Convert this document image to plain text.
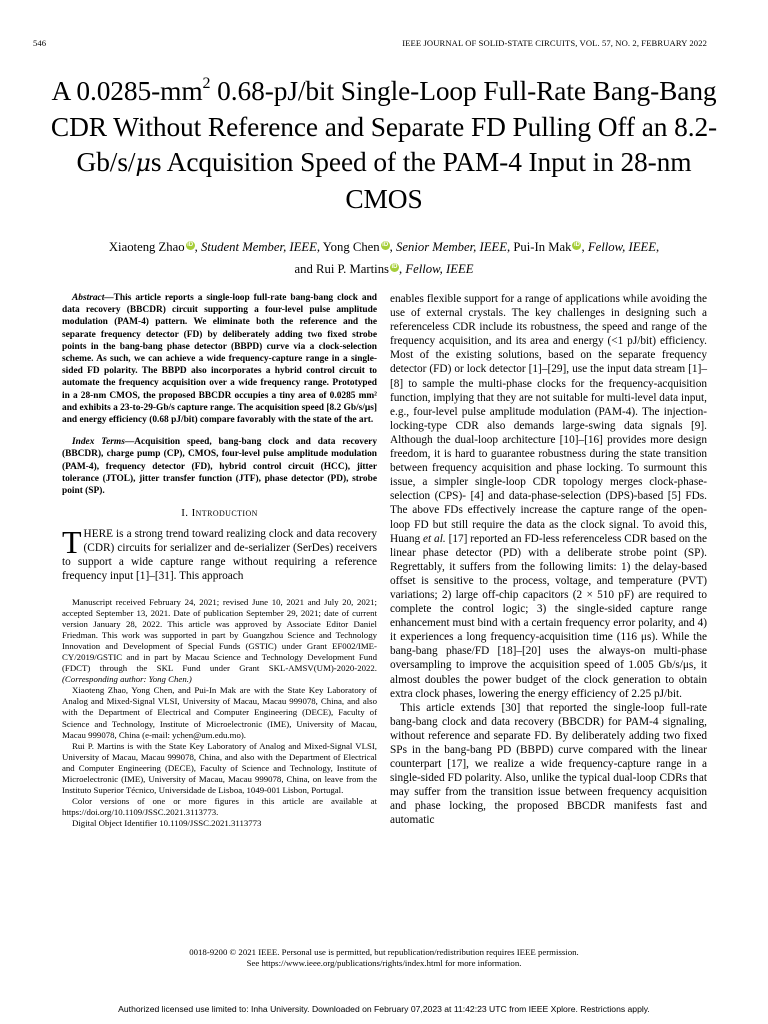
546	IEEE JOURNAL OF SOLID-STATE CIRCUITS, VOL. 57, NO. 2, FEBRUARY 2022
A $0.0285-mm^2$ 0.68-pJ/bit Single-Loop Full-Rate Bang-Bang CDR Without Reference and Separate FD Pulling Off an 8.2-Gb/s/μs Acquisition Speed of the PAM-4 Input in 28-nm CMOS
Xiaoteng Zhao iD , Student Member, IEEE, Yong Chen iD , Senior Member, IEEE, Pui-In Mak iD , Fellow, IEEE,
and Rui P. Martins iD , Fellow, IEEE

Abstract—This article reports a single-loop full-rate bang-bang clock and data recovery (BBCDR) circuit supporting a four-level pulse amplitude modulation (PAM-4) pattern. We eliminate both the reference and the separate frequency detector (FD) by deliberately adding two fixed strobe points in the bang-bang phase detector (BBPD) curve via a clock-selection scheme. As such, we can achieve a wide frequency-capture range in a single-sided FD polarity. The BBPD also incorporates a hybrid control circuit to automate the frequency acquisition over a wide frequency range. Prototyped in a 28-nm CMOS, the proposed BBCDR occupies a tiny area of 0.0285 mm² and exhibits a 23-to-29-Gb/s capture range. The acquisition speed [8.2 Gb/s/μs] and energy efficiency (0.68 pJ/bit) compare favorably with the state of the art.

Index Terms—Acquisition speed, bang-bang clock and data recovery (BBCDR), charge pump (CP), CMOS, four-level pulse amplitude modulation (PAM-4), frequency detector (FD), hybrid control circuit (HCC), jitter tolerance (JTOL), jitter transfer function (JTF), phase detector (PD), strobe point (SP).

I. Introduction

THERE is a strong trend toward realizing clock and data recovery (CDR) circuits for serializer and de-serializer (SerDes) receivers to support a wide capture range without requiring a reference frequency input [1]–[31]. This approach

Manuscript received February 24, 2021; revised June 10, 2021 and July 20, 2021; accepted September 13, 2021. Date of publication September 29, 2021; date of current version January 28, 2022. This article was approved by Associate Editor Daniel Friedman. This work was supported in part by Guangzhou Science and Technology Innovation and Development of Special Funds (GSTIC) under Grant EF002/IME-CY/2019/GSTIC and in part by Macau Science and Technology Development Fund (FDCT) through the SKL Fund under Grant SKL-AMSV(UM)-2020-2022. (Corresponding author: Yong Chen.)

Xiaoteng Zhao, Yong Chen, and Pui-In Mak are with the State Key Laboratory of Analog and Mixed-Signal VLSI, University of Macau, Macau 999078, China, and also with the Department of Electrical and Computer Engineering (DECE), Faculty of Science and Technology, Institute of Microelectronic (IME), University of Macau, Macau 999078, China (e-mail: ychen@um.edu.mo).

Rui P. Martins is with the State Key Laboratory of Analog and Mixed-Signal VLSI, University of Macau, Macau 999078, China, and also with the Department of Electrical and Computer Engineering (DECE), Faculty of Science and Technology, Institute of Microelectronic (IME), University of Macau, Macau 999078, China, on leave from the Instituto Superior Técnico, Universidade de Lisboa, 1049-001 Lisbon, Portugal.

Color versions of one or more figures in this article are available at https://doi.org/10.1109/JSSC.2021.3113773.

Digital Object Identifier 10.1109/JSSC.2021.3113773

enables flexible support for a range of applications while avoiding the use of external crystals. The key challenges in designing such a referenceless CDR include its robustness, the speed and range of the frequency acquisition, and its area and energy (<1 pJ/bit) efficiency. Most of the existing solutions, based on the separate frequency detector (FD) or lock detector [1]–[29], use the input data stream [1]–[8] to sample the multi-phase clocks for the frequency-acquisition function, implying that they are not suitable for multi-level data input, e.g., four-level pulse amplitude modulation (PAM-4). The injection-locking-type CDR also demands large-swing data signals [9]. Although the dual-loop architecture [10]–[16] provides more design freedom, it is hard to guarantee robustness during the state transition between frequency acquisition and phase locking. To surmount this issue, a simpler single-loop CDR topology merges clock-phase-selection (CPS)- [4] and data-phase-selection (DPS)-based [5] FDs. The above FDs effectively increase the capture range of the open-loop FD but still require the data as the clock signal. To avoid this, Huang et al. [17] reported an FD-less referenceless CDR based on the linear phase detector (PD) with a deliberate strobe point (SP). Regrettably, it suffers from the following limits: 1) the delay-based offset is sensitive to the process, voltage, and temperature (PVT) variations; 2) large off-chip capacitors (2 × 510 pF) are required to complete the control logic; 3) the single-sided capture range enhancement must bind with a certain frequency error polarity, and 4) it experiences a long frequency-acquisition time (116 μs). While the bang-bang phase/FD [18]–[20] uses the always-on multi-phase oversampling to improve the acquisition speed of 1.005 Gb/s/μs, it almost doubles the power budget of the clock generation to obtain extra clock phases, lowering the energy efficiency of 2.25 pJ/bit.

This article extends [30] that reported the single-loop full-rate bang-bang clock and data recovery (BBCDR) for PAM-4 signaling, without reference and separate FD. By deliberately adding two fixed SPs in the bang-bang PD (BBPD) curve compared with the linear counterpart [17], we realize a wide frequency-capture range in a single-sided FD polarity. Also, unlike the typical dual-loop CDRs that may suffer from the transition issue between frequency acquisition and phase locking, the proposed BBCDR manifests fast and automatic

0018-9200 © 2021 IEEE. Personal use is permitted, but republication/redistribution requires IEEE permission.
See https://www.ieee.org/publications/rights/index.html for more information.
Authorized licensed use limited to: Inha University. Downloaded on February 07,2023 at 11:42:23 UTC from IEEE Xplore. Restrictions apply.
